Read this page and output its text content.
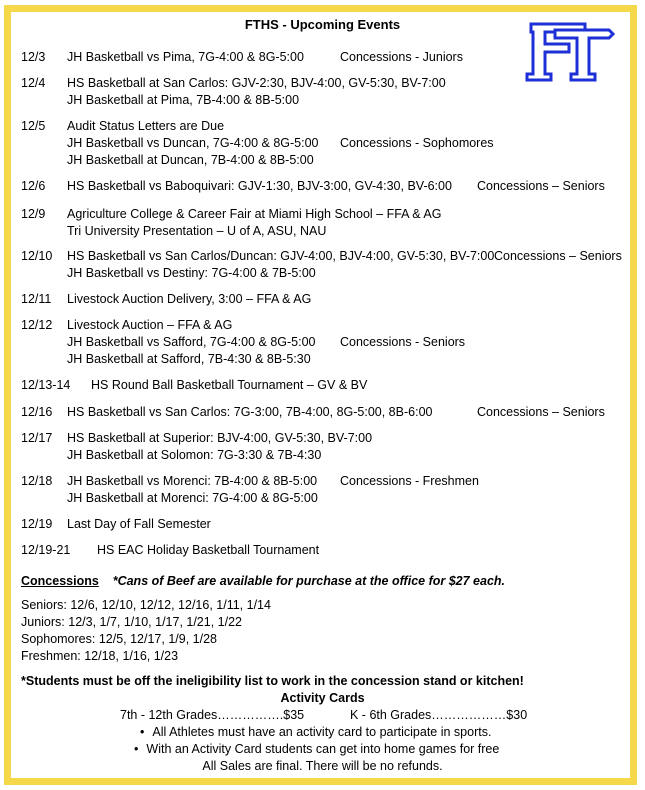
FTHS - Upcoming Events
12/3 JH Basketball vs Pima, 7G-4:00 & 8G-5:00	Concessions - Juniors
12/4 HS Basketball at San Carlos: GJV-2:30, BJV-4:00, GV-5:30, BV-7:00
JH Basketball at Pima, 7B-4:00 & 8B-5:00
12/5 Audit Status Letters are Due
JH Basketball vs Duncan, 7G-4:00 & 8G-5:00
JH Basketball at Duncan, 7B-4:00 & 8B-5:00
Concessions - Sophomores
12/6 HS Basketball vs Baboquivari: GJV-1:30, BJV-3:00, GV-4:30, BV-6:00 Concessions – Seniors
12/9 Agriculture College & Career Fair at Miami High School – FFA & AG
Tri University Presentation – U of A, ASU, NAU
12/10 HS Basketball vs San Carlos/Duncan: GJV-4:00, BJV-4:00, GV-5:30, BV-7:00
JH Basketball vs Destiny: 7G-4:00 & 7B-5:00
Concessions – Seniors
12/11 Livestock Auction Delivery, 3:00 – FFA & AG
12/12 Livestock Auction – FFA & AG
JH Basketball vs Safford, 7G-4:00 & 8G-5:00
JH Basketball at Safford, 7B-4:30 & 8B-5:30
Concessions - Seniors
12/13-14 HS Round Ball Basketball Tournament – GV & BV
12/16 HS Basketball vs San Carlos: 7G-3:00, 7B-4:00, 8G-5:00, 8B-6:00	Concessions – Seniors
12/17 HS Basketball at Superior: BJV-4:00, GV-5:30, BV-7:00
JH Basketball at Solomon: 7G-3:30 & 7B-4:30
12/18 JH Basketball vs Morenci: 7B-4:00 & 8B-5:00
JH Basketball at Morenci: 7G-4:00 & 8G-5:00
Concessions - Freshmen
12/19 Last Day of Fall Semester
12/19-21 HS EAC Holiday Basketball Tournament
Concessions *Cans of Beef are available for purchase at the office for $27 each.
Seniors: 12/6, 12/10, 12/12, 12/16, 1/11, 1/14
Juniors: 12/3, 1/7, 1/10, 1/17, 1/21, 1/22
Sophomores: 12/5, 12/17, 1/9, 1/28
Freshmen: 12/18, 1/16, 1/23
*Students must be off the ineligibility list to work in the concession stand or kitchen!
Activity Cards
7th - 12th Grades…………….$35	K - 6th Grades………………$30
• All Athletes must have an activity card to participate in sports.
• With an Activity Card students can get into home games for free
All Sales are final. There will be no refunds.
